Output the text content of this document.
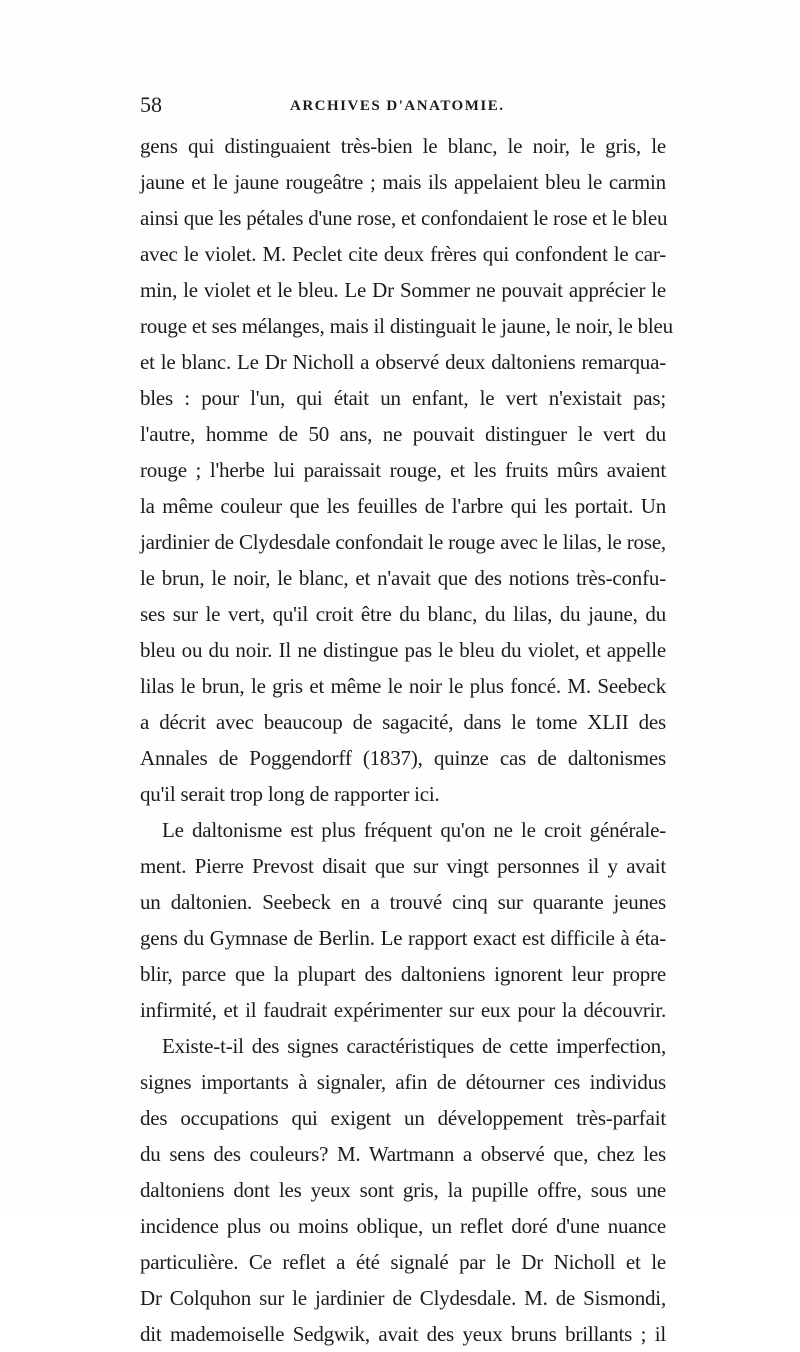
58	ARCHIVES D'ANATOMIE.
gens qui distinguaient très-bien le blanc, le noir, le gris, le
jaune et le jaune rougeâtre ; mais ils appelaient bleu le carmin
ainsi que les pétales d'une rose, et confondaient le rose et le bleu
avec le violet. M. Peclet cite deux frères qui confondent le car-
min, le violet et le bleu. Le Dr Sommer ne pouvait apprécier le
rouge et ses mélanges, mais il distinguait le jaune, le noir, le bleu
et le blanc. Le Dr Nicholl a observé deux daltoniens remarqua-
bles : pour l'un, qui était un enfant, le vert n'existait pas;
l'autre, homme de 50 ans, ne pouvait distinguer le vert du
rouge ; l'herbe lui paraissait rouge, et les fruits mûrs avaient
la même couleur que les feuilles de l'arbre qui les portait. Un
jardinier de Clydesdale confondait le rouge avec le lilas, le rose,
le brun, le noir, le blanc, et n'avait que des notions très-confu-
ses sur le vert, qu'il croit être du blanc, du lilas, du jaune, du
bleu ou du noir. Il ne distingue pas le bleu du violet, et appelle
lilas le brun, le gris et même le noir le plus foncé. M. Seebeck
a décrit avec beaucoup de sagacité, dans le tome XLII des
Annales de Poggendorff (1837), quinze cas de daltonismes
qu'il serait trop long de rapporter ici.
Le daltonisme est plus fréquent qu'on ne le croit générale-
ment. Pierre Prevost disait que sur vingt personnes il y avait
un daltonien. Seebeck en a trouvé cinq sur quarante jeunes
gens du Gymnase de Berlin. Le rapport exact est difficile à éta-
blir, parce que la plupart des daltoniens ignorent leur propre
infirmité, et il faudrait expérimenter sur eux pour la découvrir.
Existe-t-il des signes caractéristiques de cette imperfection,
signes importants à signaler, afin de détourner ces individus
des occupations qui exigent un développement très-parfait
du sens des couleurs? M. Wartmann a observé que, chez les
daltoniens dont les yeux sont gris, la pupille offre, sous une
incidence plus ou moins oblique, un reflet doré d'une nuance
particulière. Ce reflet a été signalé par le Dr Nicholl et le
Dr Colquhon sur le jardinier de Clydesdale. M. de Sismondi,
dit mademoiselle Sedgwik, avait des yeux bruns brillants ; il
